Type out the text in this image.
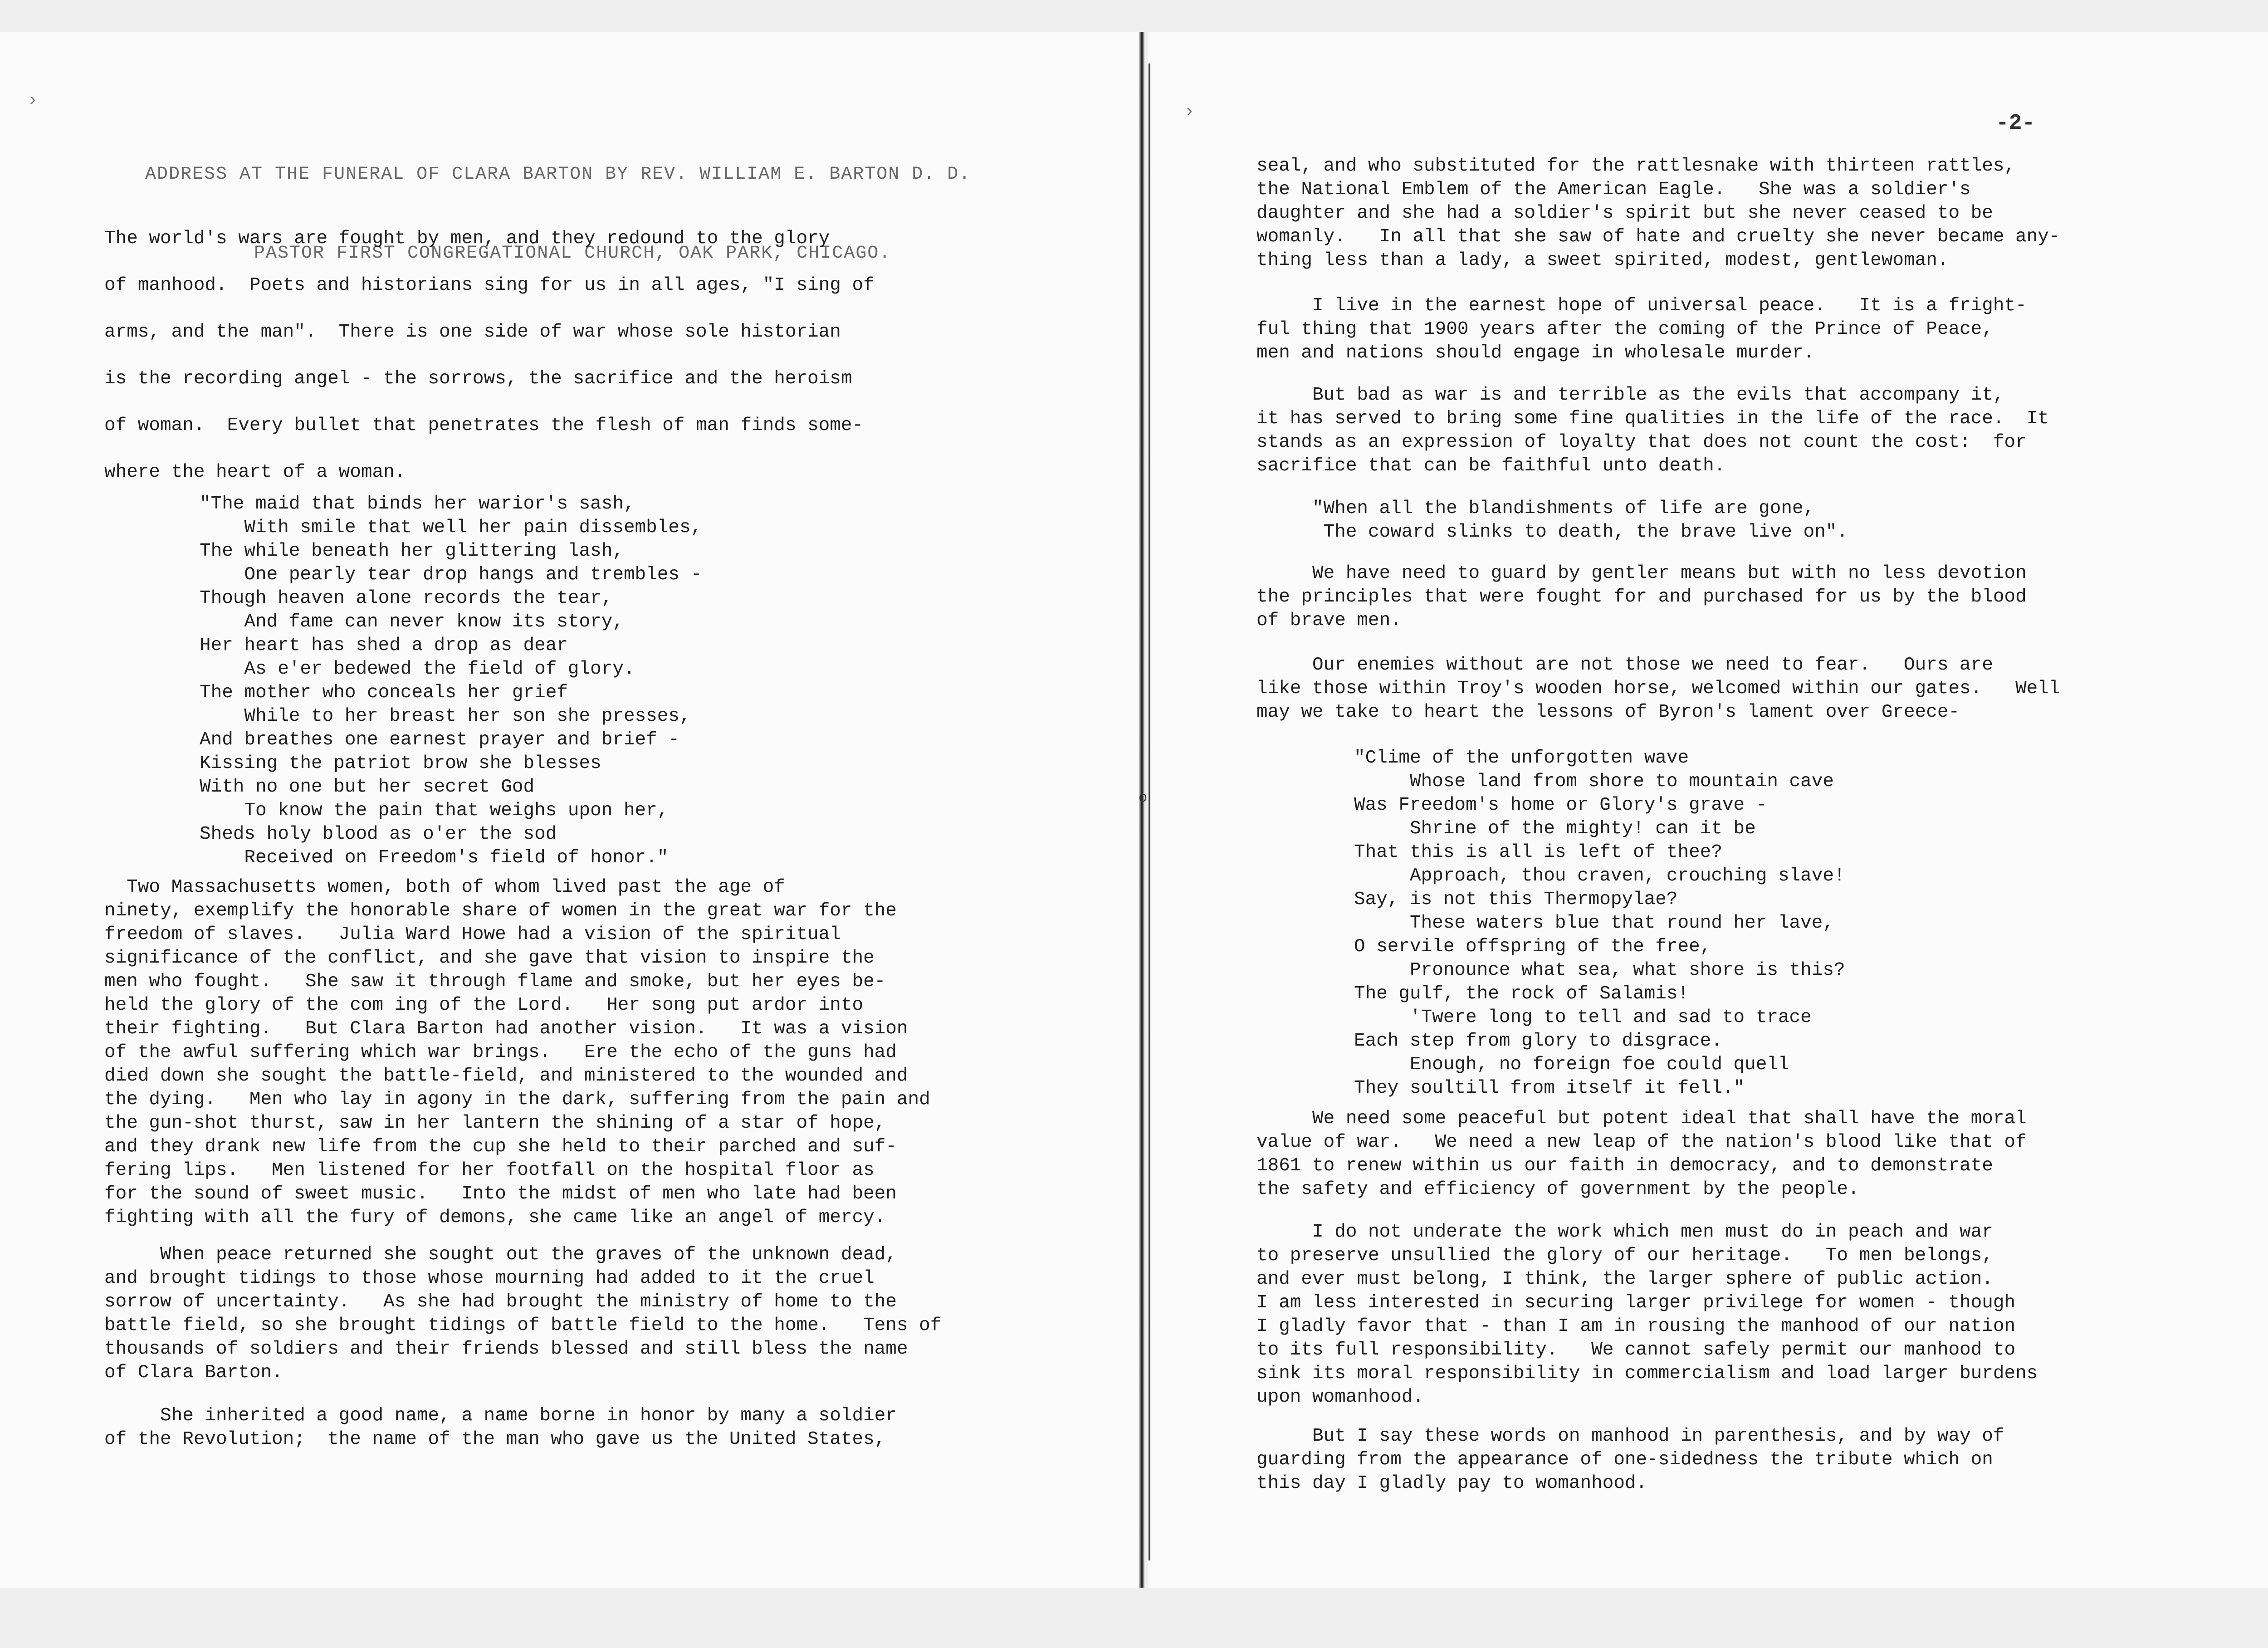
›
›

ADDRESS AT THE FUNERAL OF CLARA BARTON BY REV. WILLIAM E. BARTON D. D.

PASTOR FIRST CONGREGATIONAL CHURCH, OAK PARK, CHICAGO.

The world's wars are fought by men, and they redound to the glory
of manhood.  Poets and historians sing for us in all ages, "I sing of
arms, and the man".  There is one side of war whose sole historian
is the recording angel - the sorrows, the sacrifice and the heroism
of woman.  Every bullet that penetrates the flesh of man finds some-
where the heart of a woman.
"The maid that binds her warior's sash,
With smile that well her pain dissembles,
The while beneath her glittering lash,
One pearly tear drop hangs and trembles -
Though heaven alone records the tear,
And fame can never know its story,
Her heart has shed a drop as dear
As e'er bedewed the field of glory.
The mother who conceals her grief
While to her breast her son she presses,
And breathes one earnest prayer and brief -
Kissing the patriot brow she blesses
With no one but her secret God
To know the pain that weighs upon her,
Sheds holy blood as o'er the sod
Received on Freedom's field of honor."
Two Massachusetts women, both of whom lived past the age of
ninety, exemplify the honorable share of women in the great war for the
freedom of slaves.   Julia Ward Howe had a vision of the spiritual
significance of the conflict, and she gave that vision to inspire the
men who fought.   She saw it through flame and smoke, but her eyes be-
held the glory of the com ing of the Lord.   Her song put ardor into
their fighting.   But Clara Barton had another vision.   It was a vision
of the awful suffering which war brings.   Ere the echo of the guns had
died down she sought the battle-field, and ministered to the wounded and
the dying.   Men who lay in agony in the dark, suffering from the pain and
the gun-shot thurst, saw in her lantern the shining of a star of hope,
and they drank new life from the cup she held to their parched and suf-
fering lips.   Men listened for her footfall on the hospital floor as
for the sound of sweet music.   Into the midst of men who late had been
fighting with all the fury of demons, she came like an angel of mercy.
When peace returned she sought out the graves of the unknown dead,
and brought tidings to those whose mourning had added to it the cruel
sorrow of uncertainty.   As she had brought the ministry of home to the
battle field, so she brought tidings of battle field to the home.   Tens of
thousands of soldiers and their friends blessed and still bless the name
of Clara Barton.
She inherited a good name, a name borne in honor by many a soldier
of the Revolution;  the name of the man who gave us the United States,
-2-
seal, and who substituted for the rattlesnake with thirteen rattles,
the National Emblem of the American Eagle.   She was a soldier's
daughter and she had a soldier's spirit but she never ceased to be
womanly.   In all that she saw of hate and cruelty she never became any-
thing less than a lady, a sweet spirited, modest, gentlewoman.
I live in the earnest hope of universal peace.   It is a fright-
ful thing that 1900 years after the coming of the Prince of Peace,
men and nations should engage in wholesale murder.
But bad as war is and terrible as the evils that accompany it,
it has served to bring some fine qualities in the life of the race.  It
stands as an expression of loyalty that does not count the cost:  for
sacrifice that can be faithful unto death.
"When all the blandishments of life are gone,
The coward slinks to death, the brave live on".
We have need to guard by gentler means but with no less devotion
the principles that were fought for and purchased for us by the blood
of brave men.
Our enemies without are not those we need to fear.   Ours are
like those within Troy's wooden horse, welcomed within our gates.   Well
may we take to heart the lessons of Byron's lament over Greece-
"Clime of the unforgotten wave
Whose land from shore to mountain cave
Was Freedom's home or Glory's grave -
Shrine of the mighty! can it be
That this is all is left of thee?
Approach, thou craven, crouching slave!
Say, is not this Thermopylae?
These waters blue that round her lave,
O servile offspring of the free,
Pronounce what sea, what shore is this?
The gulf, the rock of Salamis!
'Twere long to tell and sad to trace
Each step from glory to disgrace.
Enough, no foreign foe could quell
They soultill from itself it fell."
We need some peaceful but potent ideal that shall have the moral
value of war.   We need a new leap of the nation's blood like that of
1861 to renew within us our faith in democracy, and to demonstrate
the safety and efficiency of government by the people.
I do not underate the work which men must do in peach and war
to preserve unsullied the glory of our heritage.   To men belongs,
and ever must belong, I think, the larger sphere of public action.
I am less interested in securing larger privilege for women - though
I gladly favor that - than I am in rousing the manhood of our nation
to its full responsibility.   We cannot safely permit our manhood to
sink its moral responsibility in commercialism and load larger burdens
upon womanhood.
But I say these words on manhood in parenthesis, and by way of
guarding from the appearance of one-sidedness the tribute which on
this day I gladly pay to womanhood.
o
